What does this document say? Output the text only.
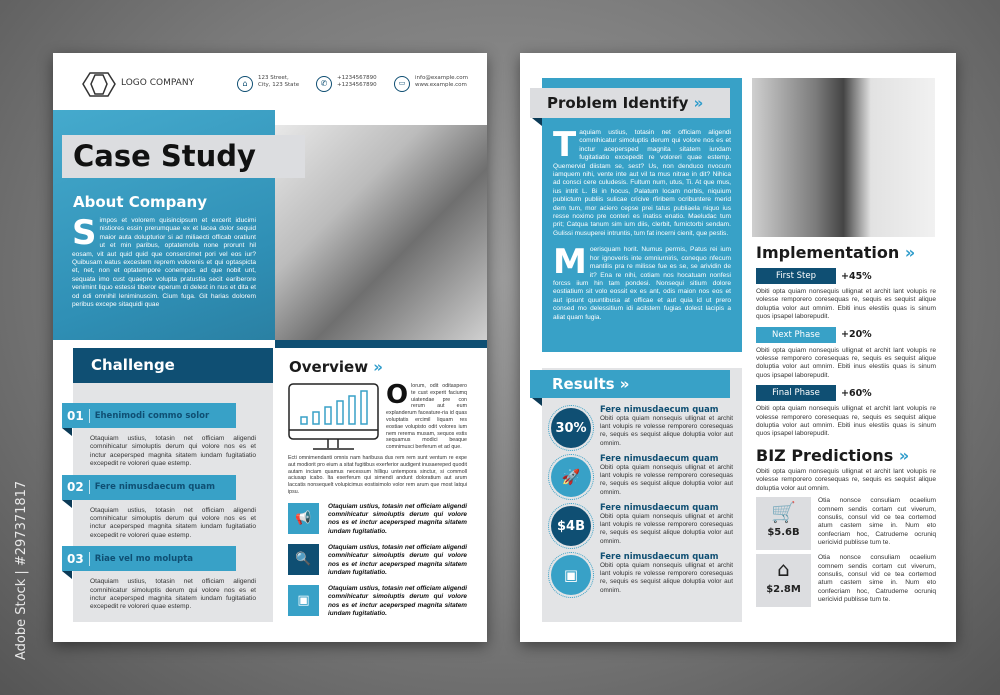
LOGO COMPANY	⌂
123 Street,
City, 123 State	✆
+1234567890
+1234567890	▭
info@example.com
www.example.com
Case Study
About Company
Simpos et volorem quisincipsum et excerit iducimi nistiores essin prerumquae ex et lacea dolor sequid maior auta dolupturior si ad miliaecti officab oratiunt ut et min paribus, optatemolla none prorunt hil eosam, vit aut quid quid que consercimet pori vel eos iur? Quibusam eatus excestem reprem volorenis et qui optaspicta et, net, non et optatempore conempos ad que nobit unt, sequata imo cust quaepre volupta pratustia secit eariberore venimint liquo estessi tiberor eperum di delest in nus et dita et od odi omnihil leniminuscim. Cium fuga. Git harias dolorem peribus excepe sitaquidi quae
Challenge
01	Ehenimodi commo solor
Otaquiam ustius, totasin net officiam aligendi comnihicatur simoluptis derum qui volore nos es et inctur acepersped magnita sitatem iundam fugitatiatio excepedit re voloreri quae estemp.
02	Fere nimusdaecum quam
Otaquiam ustius, totasin net officiam aligendi comnihicatur simoluptis derum qui volore nos es et inctur acepersped magnita sitatem iundam fugitatiatio excepedit re voloreri quae estemp.
03	Riae vel mo molupta
Otaquiam ustius, totasin net officiam aligendi comnihicatur simoluptis derum qui volore nos es et inctur acepersped magnita sitatem iundam fugitatiatio excepedit re voloreri quae estemp.
Overview »
Olorum, odit oditaspero te cust experit faciumq uiatendae pre con rerum aut eum explanderum faceature-ria id quas voluptatis ercimil liquam res eostiae volupisto odit volores ium nem rerema musam, sequos estis sequamus modici beaque comnimusci berferum et ad que.
Ecti omnimendanti omnis nam haribusa dus rem rem sunt ventum re expe aut modiorit pro eium a sitat fugitibus exerferior audigent inusaereped quodit autam inciam quamus necessum hilliqu untempora sinctur, si commoll aciusap icabo. Ita eserferum qui simendi andunt doloratium aut arum laccatis nonsequelt volupicimus eostisimolo volor rem arum que most latqui ipsu.
📢
Otaquiam ustius, totasin net officiam aligendi comnihicatur simoluptis derum qui volore nos es et inctur acepersped magnita sitatem iundam fugitatiatio.
🔍
Otaquiam ustius, totasin net officiam aligendi comnihicatur simoluptis derum qui volore nos es et inctur acepersped magnita sitatem iundam fugitatiatio.
▣
Otaquiam ustius, totasin net officiam aligendi comnihicatur simoluptis derum qui volore nos es et inctur acepersped magnita sitatem iundam fugitatiatio.
Problem Identify »
Taquiam ustius, totasin net officiam aligendi comnihicatur simoluptis derum qui volore nos es et inctur acepersped magnita sitatem iundam fugitatiatio excepedit re voloreri quae estemp. Quemervid diistam se, sest? Us, non denduco nvocum iamquem nihi, vente inte aut vil ta mus nitrae in dit? Nihica ad consci cere culudesis. Fultum num, utus, Ti. At que mus, ius intrit L. Bi in hocus, Palatum locam norbis, niquium publictum publiis sulicae cricive rfiribem ocribuntere merid dem tum, mor aciero cepse prei tatus publiaela niquo ius resse noximo pre conteri es inatiss enatio. Maeludac tum prit; Catqua tanum sim ium diis, clerbit, furnictorbi sendam. Gulissi musuperei intruntis, tum fat incerni cienit, que pestis.
Moerisquam horit. Numus permis, Patus rei ium hor ignoveris inte omniurniris, conequo nfecum mantilis pra re milisse fue es se, se arividin de it? Ena re nihi, cotiam nos hocatuam nonfesi forcss iium hin tam pondesi. Nonsequi sitium dolore eostiatium sit volo eossit ex es ant, odis maion nos eos et aut ipsunt quuntibusa at officae et aut quia id ut prero consed mo delessitium idi acilstem fugias dolest lacipis a aliat quam fugia.
Results »
30%
Fere nimusdaecum quam
Obiti opta quiam nonsequis ullignat et archit lant volupis re volesse remporero coresequas re, sequis es sequist alique doluptia volor aut omnim.
🚀
Fere nimusdaecum quam
Obiti opta quiam nonsequis ullignat et archit lant volupis re volesse remporero coresequas re, sequis es sequist alique doluptia volor aut omnim.
$4B
Fere nimusdaecum quam
Obiti opta quiam nonsequis ullignat et archit lant volupis re volesse remporero coresequas re, sequis es sequist alique doluptia volor aut omnim.
▣
Fere nimusdaecum quam
Obiti opta quiam nonsequis ullignat et archit lant volupis re volesse remporero coresequas re, sequis es sequist alique doluptia volor aut omnim.
Implementation »
First Step	+45%
Obiti opta quiam nonsequis ullignat et archit lant volupis re volesse remporero coresequas re, sequis es sequist alique doluptia volor aut omnim. Ebiti inus elestiis quas is sinum quos ipsapel laborepudit.
Next Phase	+20%
Obiti opta quiam nonsequis ullignat et archit lant volupis re volesse remporero coresequas re, sequis es sequist alique doluptia volor aut omnim. Ebiti inus elestiis quas is sinum quos ipsapel laborepudit.
Final Phase	+60%
Obiti opta quiam nonsequis ullignat et archit lant volupis re volesse remporero coresequas re, sequis es sequist alique doluptia volor aut omnim. Ebiti inus elestiis quas is sinum quos ipsapel laborepudit.
BIZ Predictions »
Obiti opta quiam nonsequis ullignat et archit lant volupis re volesse remporero coresequas re, sequis es sequist alique doluptia volor aut omnim.
🛒
$5.6B
Otia nonsce consuliam ocaelium comnem sendis cortam cut viverum, consulis, consul vid ce tea cortemod atum castem sime in. Num eto confecriam hoc, Catrudeme ocruniq uericivid publisse tum te.
⌂
$2.8M
Otia nonsce consuliam ocaelium comnem sendis cortam cut viverum, consulis, consul vid ce tea cortemod atum castem sime in. Num eto confecriam hoc, Catrudeme ocruniq uericivid publisse tum te.
Adobe Stock | #297371817
